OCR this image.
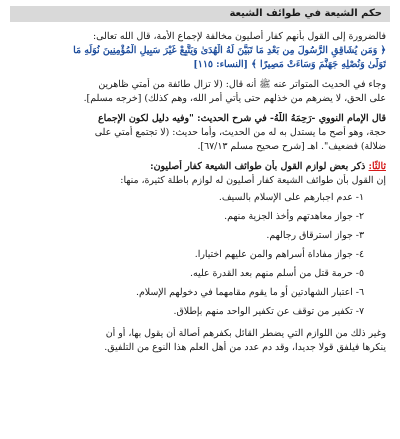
حكم الشيعة في طوائف الشيعة
فالضرورة إلى القول بأنهم كفار أصليون مخالفة لإجماع الأمة، قال الله تعالى:
﴿ وَمَن يُشَاقِقِ الرَّسُولَ مِن بَعْدِ مَا تَبَيَّنَ لَهُ الْهُدَىٰ وَيَتَّبِعْ غَيْرَ سَبِيلِ الْمُؤْمِنِينَ نُوَلِّهِ مَا
تَوَلَّىٰ وَنُصْلِهِ جَهَنَّمَ وَسَاءَتْ مَصِيرًا ﴾ [النساء: ١١٥]
وجاء في الحديث المتواتر عنه ﷺ أنه قال: (لا تزال طائفة من أمتي ظاهرين
على الحق، لا يضرهم من خذلهم حتى يأتي أمر الله، وهم كذلك) [خرجه مسلم].
قال الإمام النووي -رَحِمَهُ اللَّهُ- في شرح الحديث: "وفيه دليل لكون الإجماع
حجة، وهو أصح ما يستدل به له من الحديث، وأما حديث: (لا تجتمع أمتي على
ضلالة) فضعيف". اهـ [شرح صحيح مسلم ٦٧/١٣].
ثالثًا: ذكر بعض لوازم القول بأن طوائف الشيعة كفار أصليون:
إن القول بأن طوائف الشيعة كفار أصليون له لوازم باطلة كثيرة، منها:
١- عدم اجبارهم على الإسلام بالسيف.
٢- جواز معاهدتهم وأخذ الجزية منهم.
٣- جواز استرقاق رجالهم.
٤- جواز مفاداة أسراهم والمن عليهم اختيارا.
٥- حرمة قتل من أسلم منهم بعد القدرة عليه.
٦- اعتبار الشهادتين أو ما يقوم مقامهما في دخولهم الإسلام.
٧- تكفير من توقف عن تكفير الواحد منهم بإطلاق.
وغير ذلك من اللوازم التي يضطر القائل بكفرهم أصالة أن يقول بها، أو أن
ينكرها فيلفق قولا جديدا، وقد دم عدد من أهل العلم هذا النوع من التلفيق.
